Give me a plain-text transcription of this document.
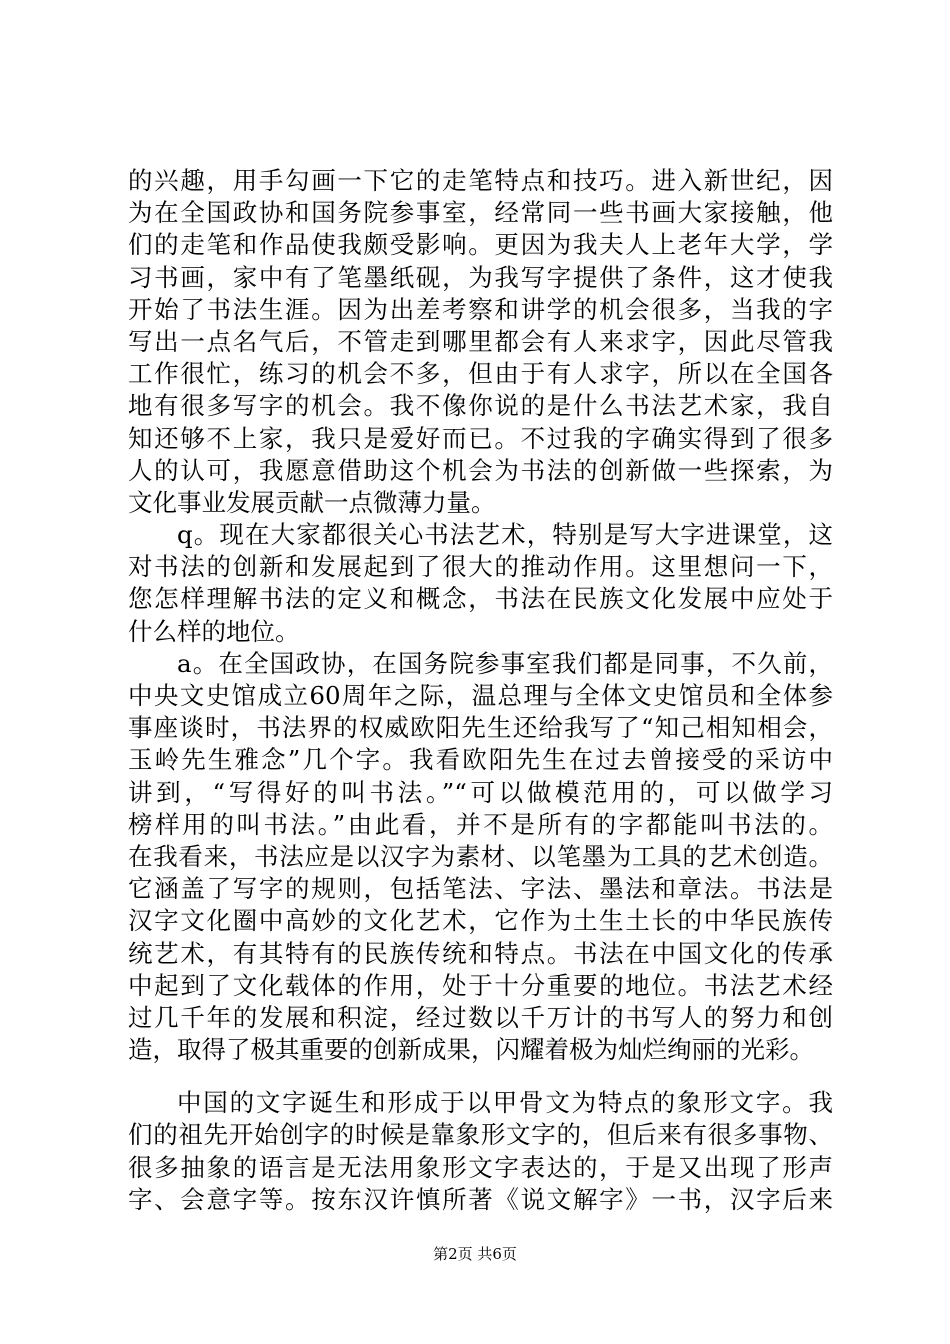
的兴趣，用手勾画一下它的走笔特点和技巧。进入新世纪，因
为在全国政协和国务院参事室，经常同一些书画大家接触，他
们的走笔和作品使我颇受影响。更因为我夫人上老年大学，学
习书画，家中有了笔墨纸砚，为我写字提供了条件，这才使我
开始了书法生涯。因为出差考察和讲学的机会很多，当我的字
写出一点名气后，不管走到哪里都会有人来求字，因此尽管我
工作很忙，练习的机会不多，但由于有人求字，所以在全国各
地有很多写字的机会。我不像你说的是什么书法艺术家，我自
知还够不上家，我只是爱好而已。不过我的字确实得到了很多
人的认可，我愿意借助这个机会为书法的创新做一些探索，为
文化事业发展贡献一点微薄力量。
q。现在大家都很关心书法艺术，特别是写大字进课堂，这
对书法的创新和发展起到了很大的推动作用。这里想问一下，
您怎样理解书法的定义和概念，书法在民族文化发展中应处于
什么样的地位。
a。在全国政协，在国务院参事室我们都是同事，不久前，
中央文史馆成立60周年之际，温总理与全体文史馆员和全体参
事座谈时，书法界的权威欧阳先生还给我写了“知己相知相会，
玉岭先生雅念”几个字。我看欧阳先生在过去曾接受的采访中
讲到，“写得好的叫书法。”“可以做模范用的，可以做学习
榜样用的叫书法。”由此看，并不是所有的字都能叫书法的。
在我看来，书法应是以汉字为素材、以笔墨为工具的艺术创造。
它涵盖了写字的规则，包括笔法、字法、墨法和章法。书法是
汉字文化圈中高妙的文化艺术，它作为土生土长的中华民族传
统艺术，有其特有的民族传统和特点。书法在中国文化的传承
中起到了文化载体的作用，处于十分重要的地位。书法艺术经
过几千年的发展和积淀，经过数以千万计的书写人的努力和创
造，取得了极其重要的创新成果，闪耀着极为灿烂绚丽的光彩。
中国的文字诞生和形成于以甲骨文为特点的象形文字。我
们的祖先开始创字的时候是靠象形文字的，但后来有很多事物、
很多抽象的语言是无法用象形文字表达的，于是又出现了形声
字、会意字等。按东汉许慎所著《说文解字》一书，汉字后来
第2页 共6页
